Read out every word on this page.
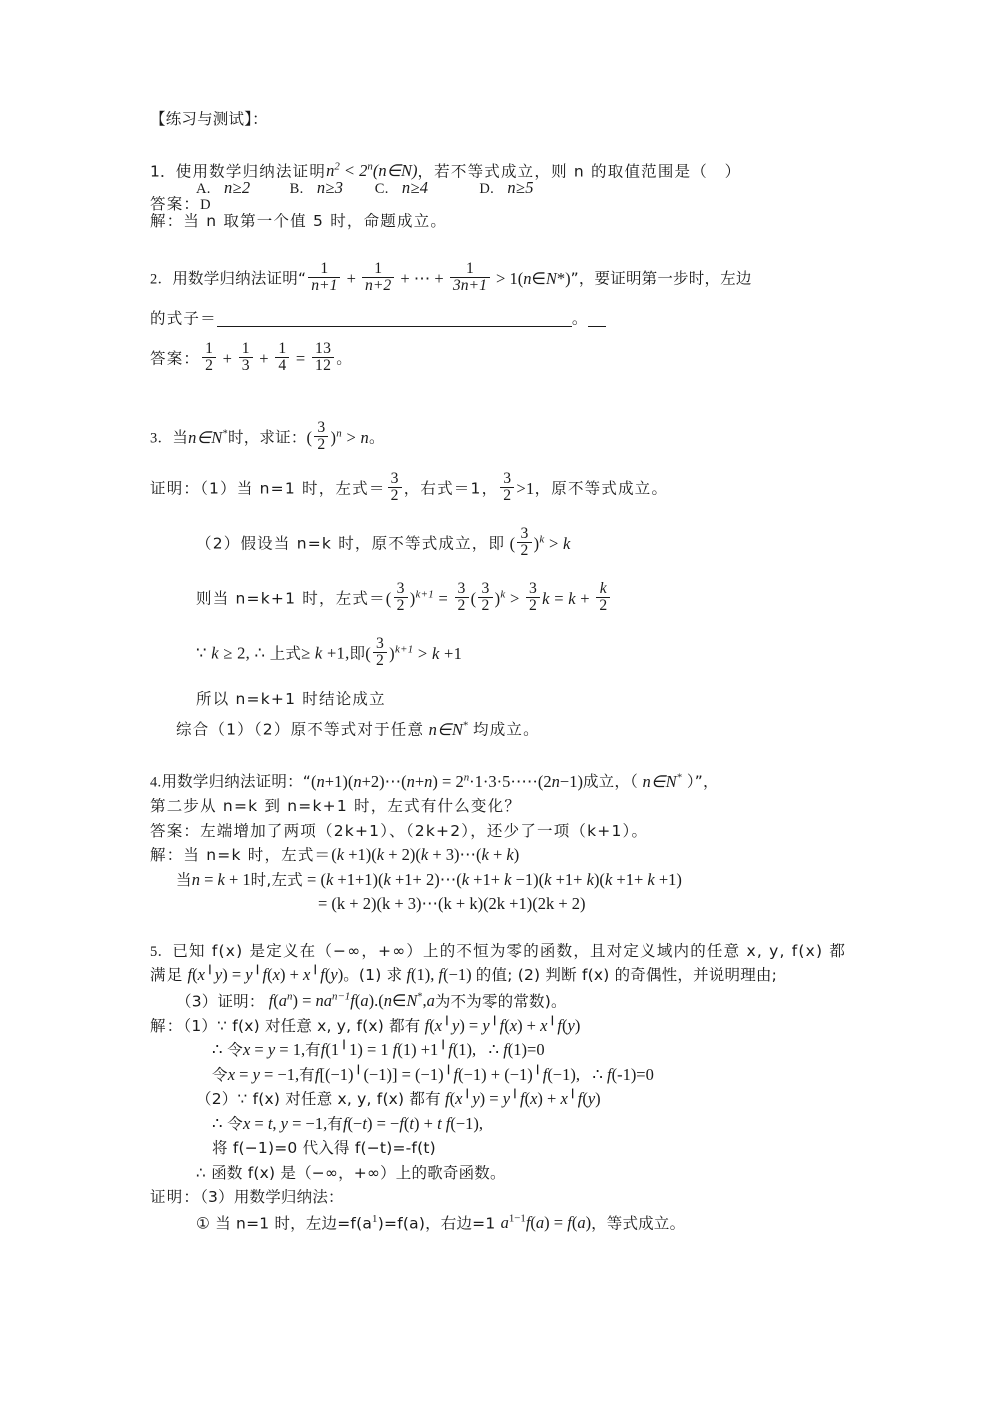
【练习与测试】：
1．使用数学归纳法证明$n^2$ < $2^n(n\in N)$，若不等式成立，则 n 的取值范围是（　）
A.   n≥2          B.   n≥3        C.   n≥4             D.   n≥5
答案：D
解：当 n 取第一个值 5 时，命题成立。
2．用数学归纳法证明“ $\frac{1}{n+1} + \frac{1}{n+2}$ + ⋯ + $\frac{1}{3n+1}$ > 1(n∈N*)”，要证明第一步时，左边
的式子＝	。
答案： $\frac{1}{2} + \frac{1}{3} + \frac{1}{4} = \frac{13}{12}$ 。
3．当n∈N*时，求证：( $\frac{3}{2} )^n > n$。
证明：（1）当 n=1 时，左式＝ $\frac{3}{2}$ ，右式＝1， $\frac{3}{2} >1$，原不等式成立。
（2）假设当 n=k 时，原不等式成立，即 ( $\frac{3}{2} )^k > k$
则当 n=k+1 时，左式＝( $\frac{3}{2} )^{k+1} = \frac{3}{2}$ ( $\frac{3}{2} )^k > \frac{3}{2}$ $k = k + \frac{k}{2}$
∵ k ≥ 2, ∴ 上式≥ k +1,即( $\frac{3}{2} )^{k+1} > k +1$
所以 n=k+1 时结论成立
综合（1）（2）原不等式对于任意 n∈N* 均成立。
4.用数学归纳法证明：“(n+1)(n+2)⋯(n+n) = $2^n\cdot 1\cdot 3\cdot 5\cdot\cdots\cdot(2n-1)$成立，（ n∈N* ）”，
第二步从 n=k 到 n=k+1 时，左式有什么变化？
答案：左端增加了两项（2k+1）、（2k+2），还少了一项（k+1）。
解：当 n=k 时，左式＝(k +1)(k + 2)(k + 3)⋯(k + k)
当n = k + 1时,左式 = (k +1+1)(k +1+ 2)⋯(k +1+ k −1)(k +1+ k)(k +1+ k +1)
= (k + 2)(k + 3)⋯(k + k)(2k +1)(2k + 2)
5．已知 f(x) 是定义在（−∞，+∞）上的不恒为零的函数，且对定义域内的任意 x, y, f(x) 都
满足 f(x╵y) = y╵f(x) + x╵f(y)。(1) 求 f(1), f(−1) 的值; (2) 判断 f(x) 的奇偶性，并说明理由;
（3）证明： $f(a^n)$ = $na^{n-1}f(a).(n\in N^*,a$为不为零的常数)。
解：（1）∵ f(x) 对任意 x, y, f(x) 都有 f(x╵y) = y╵f(x) + x╵f(y)
∴ 令x = y = 1,有f(1╵1) = 1 f(1) +1╵f(1),   ∴ f(1)=0
令x = y = −1,有f[(−1)╵(−1)] = (−1)╵f(−1) + (−1)╵f(−1),   ∴ f(-1)=0
（2）∵ f(x) 对任意 x, y, f(x) 都有 f(x╵y) = y╵f(x) + x╵f(y)
∴ 令x = t, y = −1,有f(−t) = −f(t) + t f(−1),
将 f(−1)=0 代入得 f(−t)=-f(t)
∴ 函数 f(x) 是（−∞，+∞）上的歌奇函数。
证明：（3）用数学归纳法：
① 当 n=1 时，左边$=f(a^1)=f(a)$，右边=1 $a^{1-1}f(a) = f(a)$，等式成立。
